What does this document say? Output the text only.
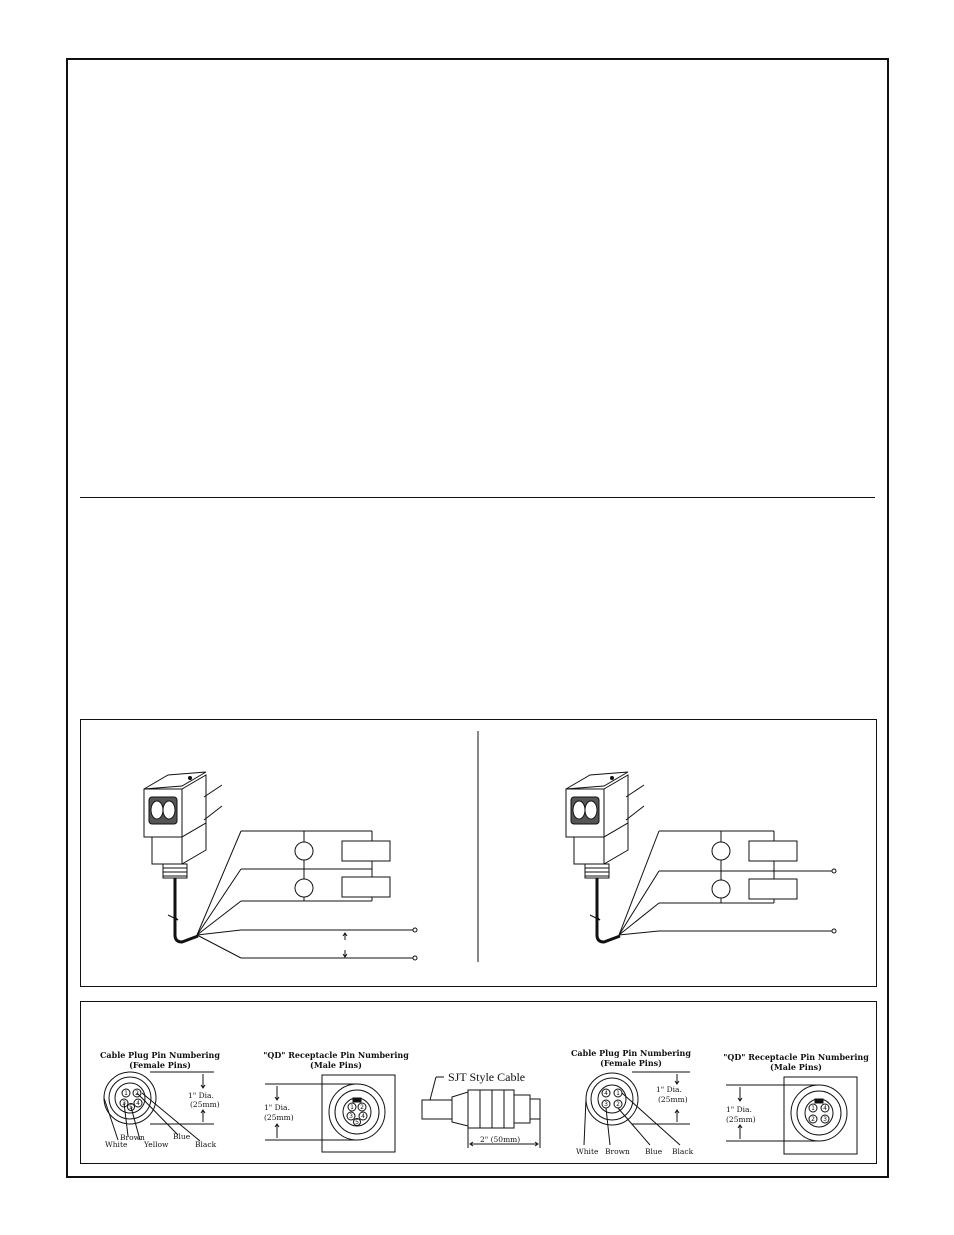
Cable Plug Pin Numbering
(Female Pins)
1 2
3 4
5
1" Dia.
(25mm)
Brown	Blue
White Yellow	Black
"QD" Receptacle Pin Numbering
(Male Pins)
1 2
3 4
5
1" Dia.
(25mm)
SJT Style Cable
2" (50mm)
Cable Plug Pin Numbering
(Female Pins)
4 1
3 2
1" Dia.
(25mm)
White Brown Blue Black
"QD" Receptacle Pin Numbering
(Male Pins)
1 4
2 3
1" Dia.
(25mm)
